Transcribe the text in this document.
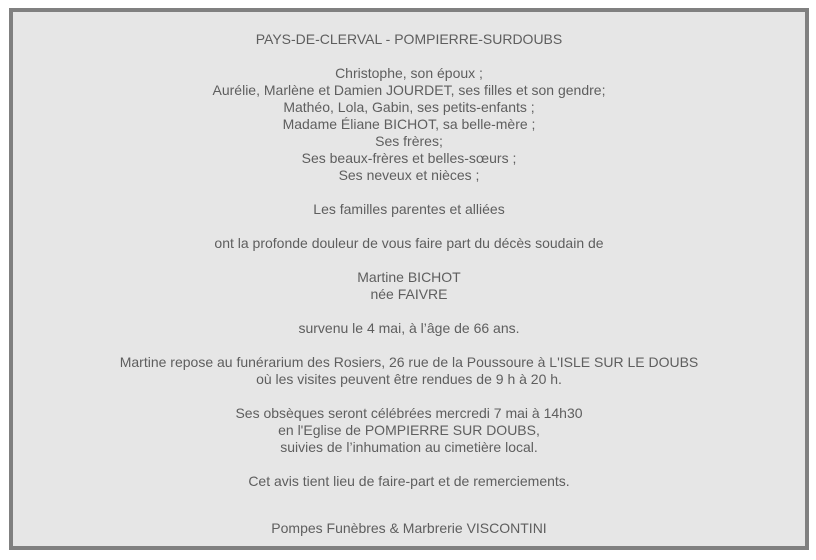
PAYS-DE-CLERVAL - POMPIERRE-SURDOUBS
Christophe, son époux ;
Aurélie, Marlène et Damien JOURDET, ses filles et son gendre;
Mathéo, Lola, Gabin, ses petits-enfants ;
Madame Éliane BICHOT, sa belle-mère ;
Ses frères;
Ses beaux-frères et belles-sœurs ;
Ses neveux et nièces ;
Les familles parentes et alliées
ont la profonde douleur de vous faire part du décès soudain de
Martine BICHOT
née FAIVRE
survenu le 4 mai, à l’âge de 66 ans.
Martine repose au funérarium des Rosiers, 26 rue de la Poussoure à L'ISLE SUR LE DOUBS
où les visites peuvent être rendues de 9 h à 20 h.
Ses obsèques seront célébrées mercredi 7 mai à 14h30
en l'Eglise de POMPIERRE SUR DOUBS,
suivies de l’inhumation au cimetière local.
Cet avis tient lieu de faire-part et de remerciements.
Pompes Funèbres & Marbrerie VISCONTINI
